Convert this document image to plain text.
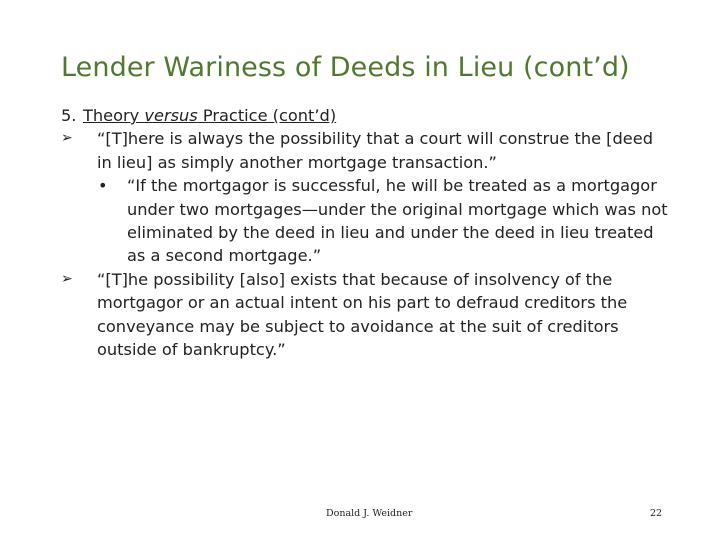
Lender Wariness of Deeds in Lieu (cont’d)
5. Theory versus Practice (cont’d)
➢ “[T]here is always the possibility that a court will construe the [deed in lieu] as simply another mortgage transaction.”
• “If the mortgagor is successful, he will be treated as a mortgagor under two mortgages—under the original mortgage which was not eliminated by the deed in lieu and under the deed in lieu treated as a second mortgage.”
➢ “[T]he possibility [also] exists that because of insolvency of the mortgagor or an actual intent on his part to defraud creditors the conveyance may be subject to avoidance at the suit of creditors outside of bankruptcy.”
Donald J. Weidner	22
